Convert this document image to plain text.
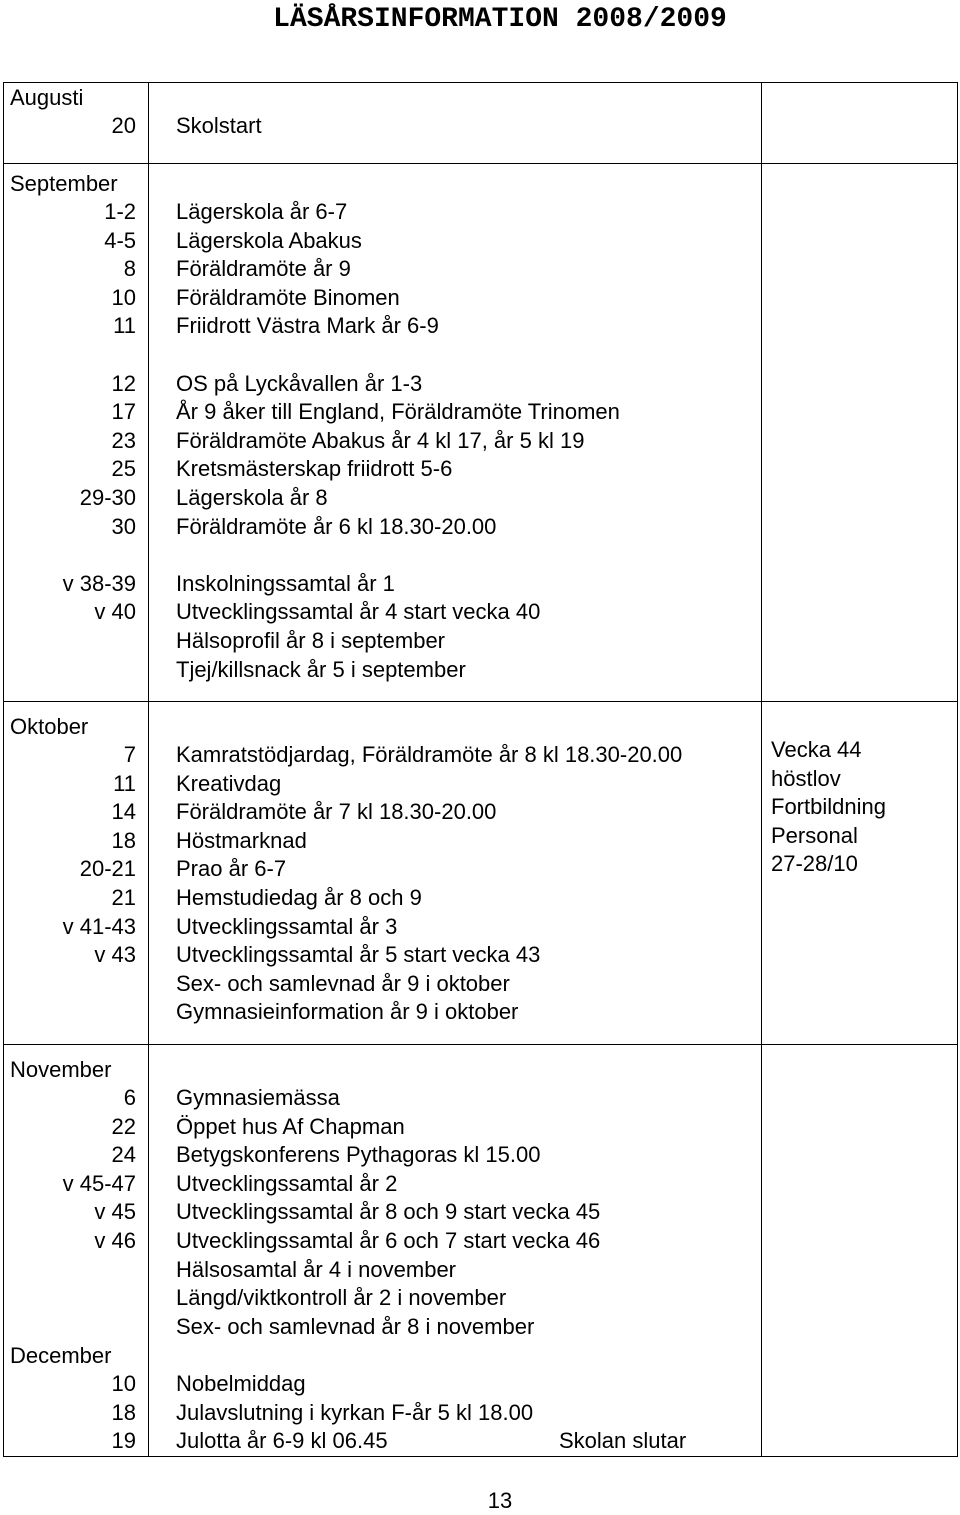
LÄSÅRSINFORMATION 2008/2009
Augusti
20 Skolstart
September
1-2
4-5
8
10
11
12
17
23
25
29-30
30
v 38-39
v 40
Lägerskola år 6-7
Lägerskola Abakus
Föräldramöte år 9
Föräldramöte Binomen
Friidrott Västra Mark år 6-9
OS på Lyckåvallen år 1-3
År 9 åker till England, Föräldramöte Trinomen
Föräldramöte Abakus år 4 kl 17, år 5 kl 19
Kretsmästerskap friidrott 5-6
Lägerskola år 8
Föräldramöte år 6 kl 18.30-20.00
Inskolningssamtal år 1
Utvecklingssamtal år 4 start vecka 40
Hälsoprofil år 8 i september
Tjej/killsnack år 5 i september
Oktober
7
11
14
18
20-21
21
v 41-43
v 43
Kamratstödjardag, Föräldramöte år 8 kl 18.30-20.00
Kreativdag
Föräldramöte år 7 kl 18.30-20.00
Höstmarknad
Prao år 6-7
Hemstudiedag år 8 och 9
Utvecklingssamtal år 3
Utvecklingssamtal år 5 start vecka 43
Sex- och samlevnad år 9 i oktober
Gymnasieinformation år 9 i oktober
Vecka 44
höstlov
Fortbildning
Personal
27-28/10
November
6
22
24
v 45-47
v 45
v 46
Gymnasiemässa
Öppet hus Af Chapman
Betygskonferens Pythagoras kl 15.00
Utvecklingssamtal år 2
Utvecklingssamtal år 8 och 9 start vecka 45
Utvecklingssamtal år 6 och 7 start vecka 46
Hälsosamtal år 4 i november
Längd/viktkontroll år 2 i november
Sex- och samlevnad år 8 i november
December
10
18
19
Nobelmiddag
Julavslutning i kyrkan F-år 5 kl 18.00
Julotta år 6-9 kl 06.45	Skolan slutar
13
